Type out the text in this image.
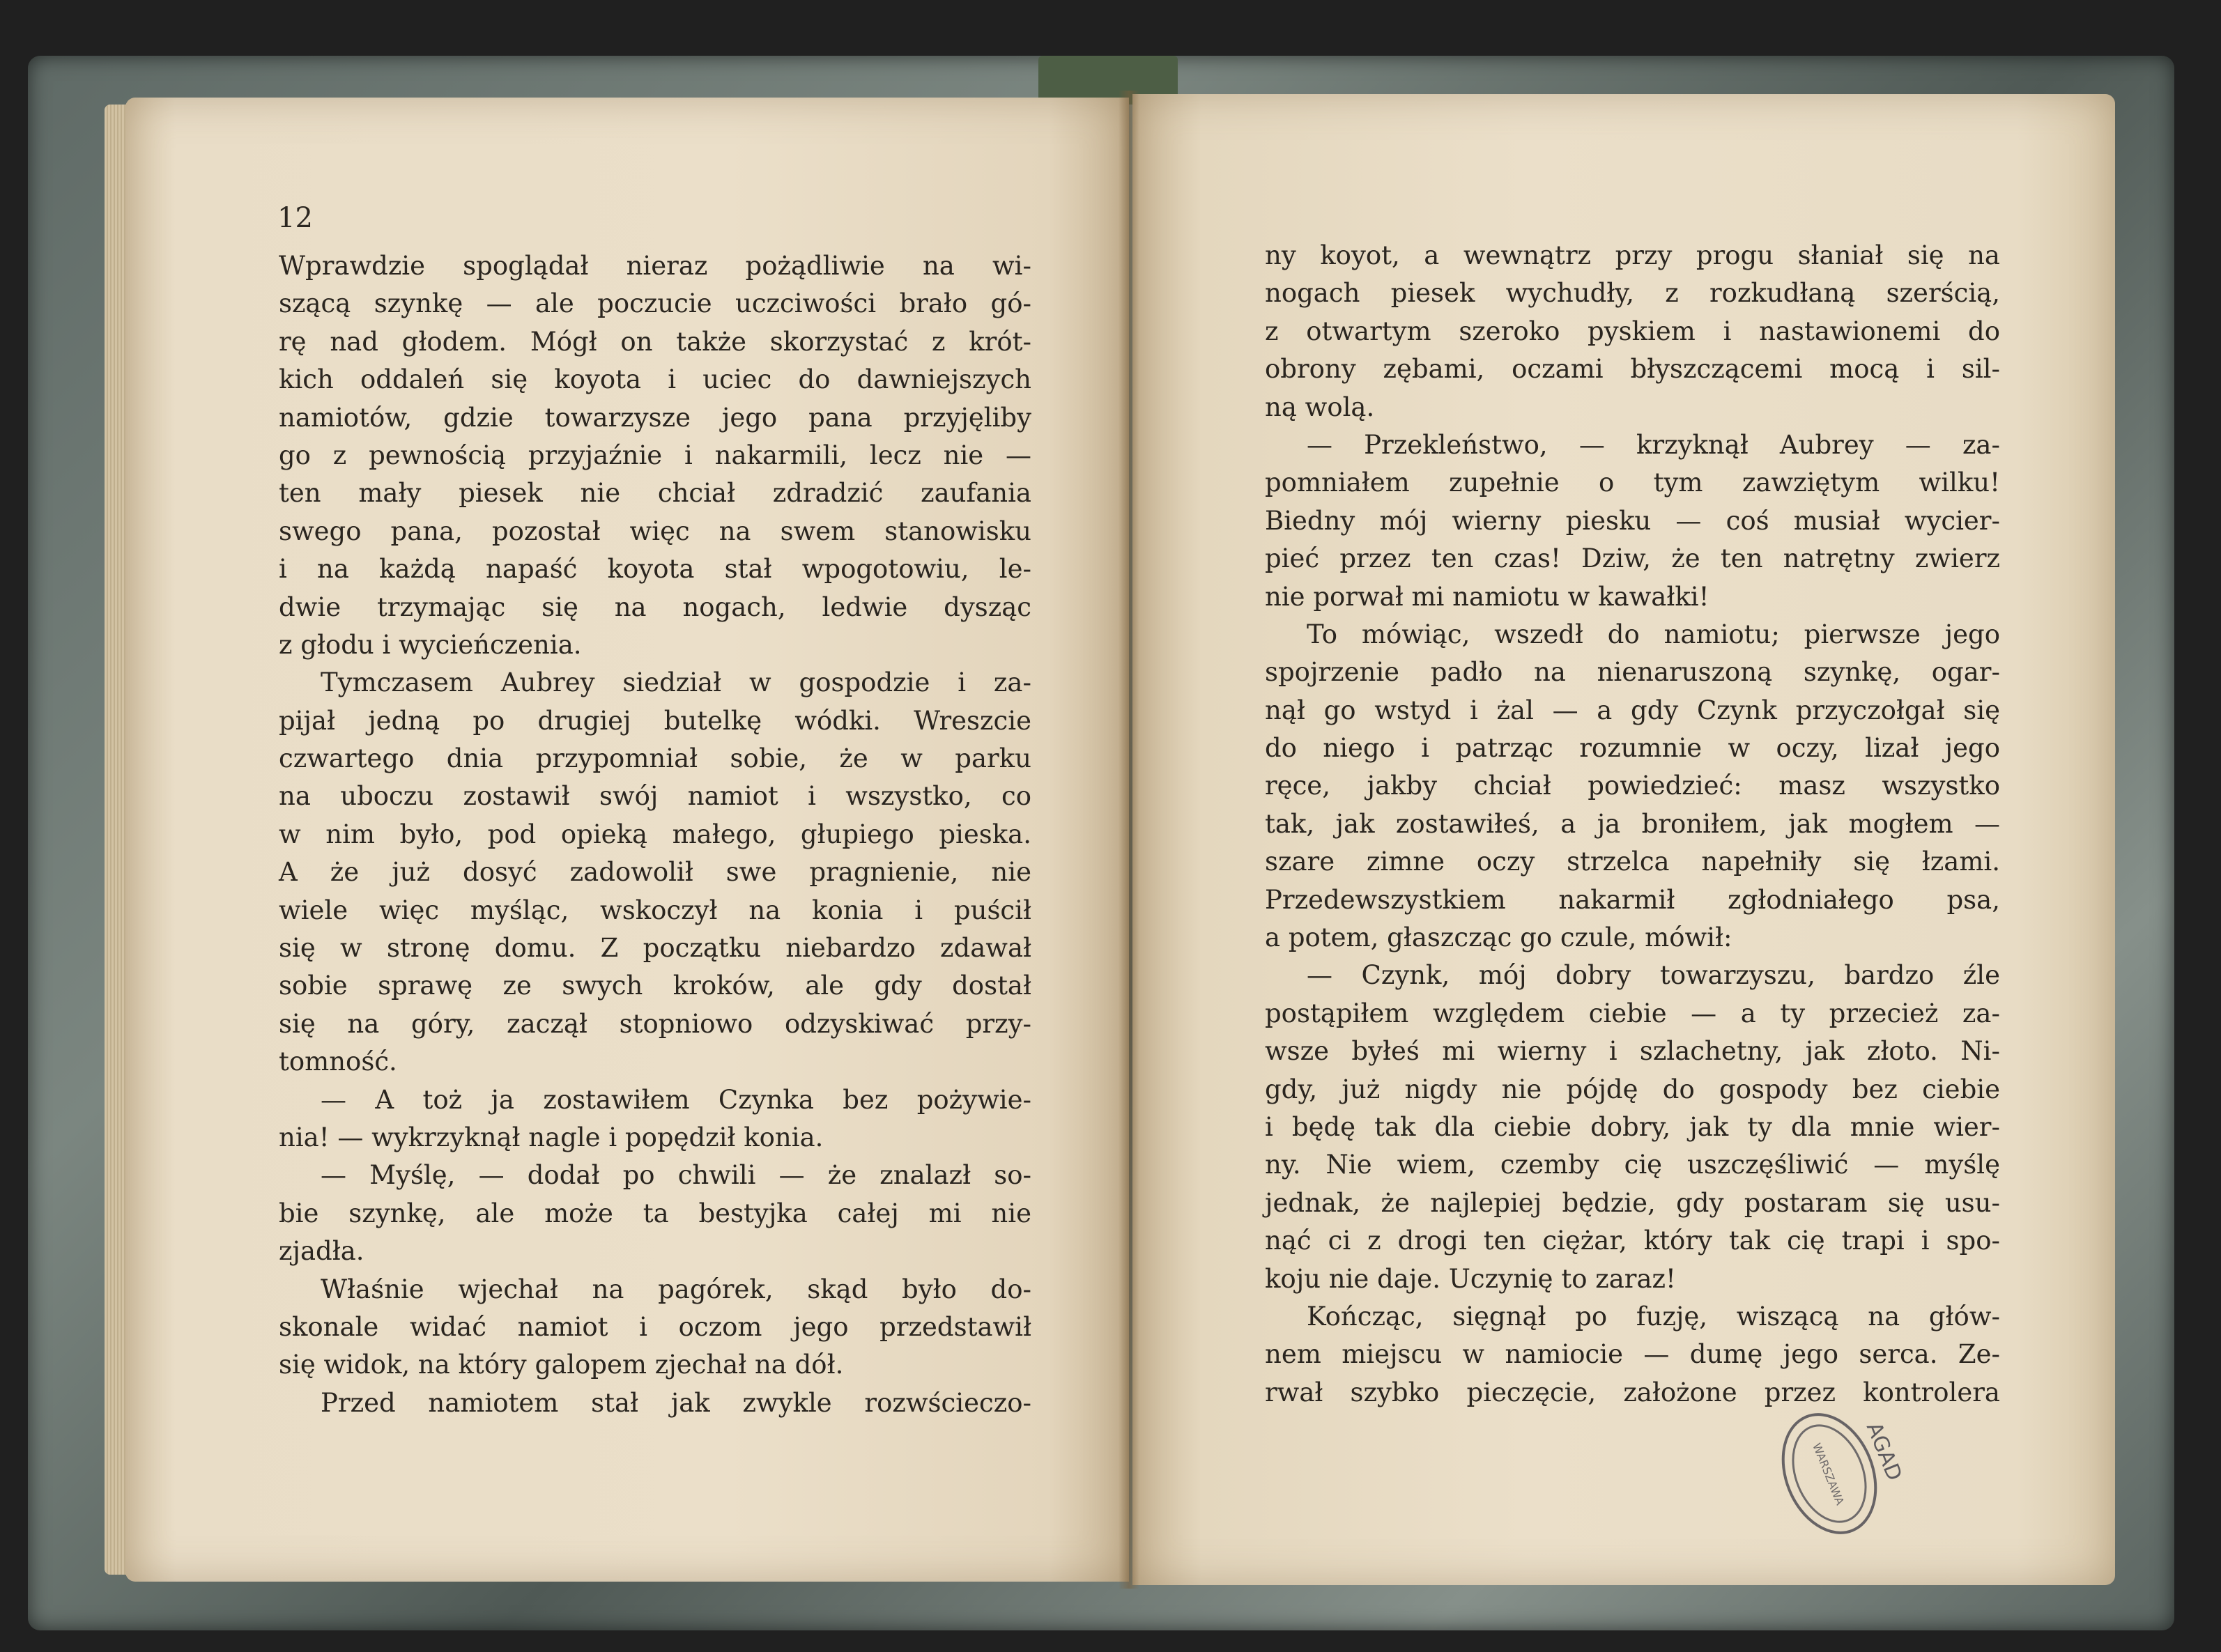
12
Wprawdzie spoglądał nieraz pożądliwie na wi-
szącą szynkę — ale poczucie uczciwości brało gó-
rę nad głodem. Mógł on także skorzystać z krót-
kich oddaleń się koyota i uciec do dawniejszych
namiotów, gdzie towarzysze jego pana przyjęliby
go z pewnością przyjaźnie i nakarmili, lecz nie —
ten mały piesek nie chciał zdradzić zaufania
swego pana, pozostał więc na swem stanowisku
i na każdą napaść koyota stał wpogotowiu, le-
dwie trzymając się na nogach, ledwie dysząc
z głodu i wycieńczenia.
Tymczasem Aubrey siedział w gospodzie i za-
pijał jedną po drugiej butelkę wódki. Wreszcie
czwartego dnia przypomniał sobie, że w parku
na uboczu zostawił swój namiot i wszystko, co
w nim było, pod opieką małego, głupiego pieska.
A że już dosyć zadowolił swe pragnienie, nie
wiele więc myśląc, wskoczył na konia i puścił
się w stronę domu. Z początku niebardzo zdawał
sobie sprawę ze swych kroków, ale gdy dostał
się na góry, zaczął stopniowo odzyskiwać przy-
tomność.
— A toż ja zostawiłem Czynka bez pożywie-
nia! — wykrzyknął nagle i popędził konia.
— Myślę, — dodał po chwili — że znalazł so-
bie szynkę, ale może ta bestyjka całej mi nie
zjadła.
Właśnie wjechał na pagórek, skąd było do-
skonale widać namiot i oczom jego przedstawił
się widok, na który galopem zjechał na dół.
Przed namiotem stał jak zwykle rozwścieczo-
ny koyot, a wewnątrz przy progu słaniał się na
nogach piesek wychudły, z rozkudłaną szerścią,
z otwartym szeroko pyskiem i nastawionemi do
obrony zębami, oczami błyszczącemi mocą i sil-
ną wolą.
— Przekleństwo, — krzyknął Aubrey — za-
pomniałem zupełnie o tym zawziętym wilku!
Biedny mój wierny piesku — coś musiał wycier-
pieć przez ten czas! Dziw, że ten natrętny zwierz
nie porwał mi namiotu w kawałki!
To mówiąc, wszedł do namiotu; pierwsze jego
spojrzenie padło na nienaruszoną szynkę, ogar-
nął go wstyd i żal — a gdy Czynk przyczołgał się
do niego i patrząc rozumnie w oczy, lizał jego
ręce, jakby chciał powiedzieć: masz wszystko
tak, jak zostawiłeś, a ja broniłem, jak mogłem —
szare zimne oczy strzelca napełniły się łzami.
Przedewszystkiem nakarmił zgłodniałego psa,
a potem, głaszcząc go czule, mówił:
— Czynk, mój dobry towarzyszu, bardzo źle
postąpiłem względem ciebie — a ty przecież za-
wsze byłeś mi wierny i szlachetny, jak złoto. Ni-
gdy, już nigdy nie pójdę do gospody bez ciebie
i będę tak dla ciebie dobry, jak ty dla mnie wier-
ny. Nie wiem, czemby cię uszczęśliwić — myślę
jednak, że najlepiej będzie, gdy postaram się usu-
nąć ci z drogi ten ciężar, który tak cię trapi i spo-
koju nie daje. Uczynię to zaraz!
Kończąc, sięgnął po fuzję, wiszącą na głów-
nem miejscu w namiocie — dumę jego serca. Ze-
rwał szybko pieczęcie, założone przez kontrolera
AGAD
WARSZAWA
